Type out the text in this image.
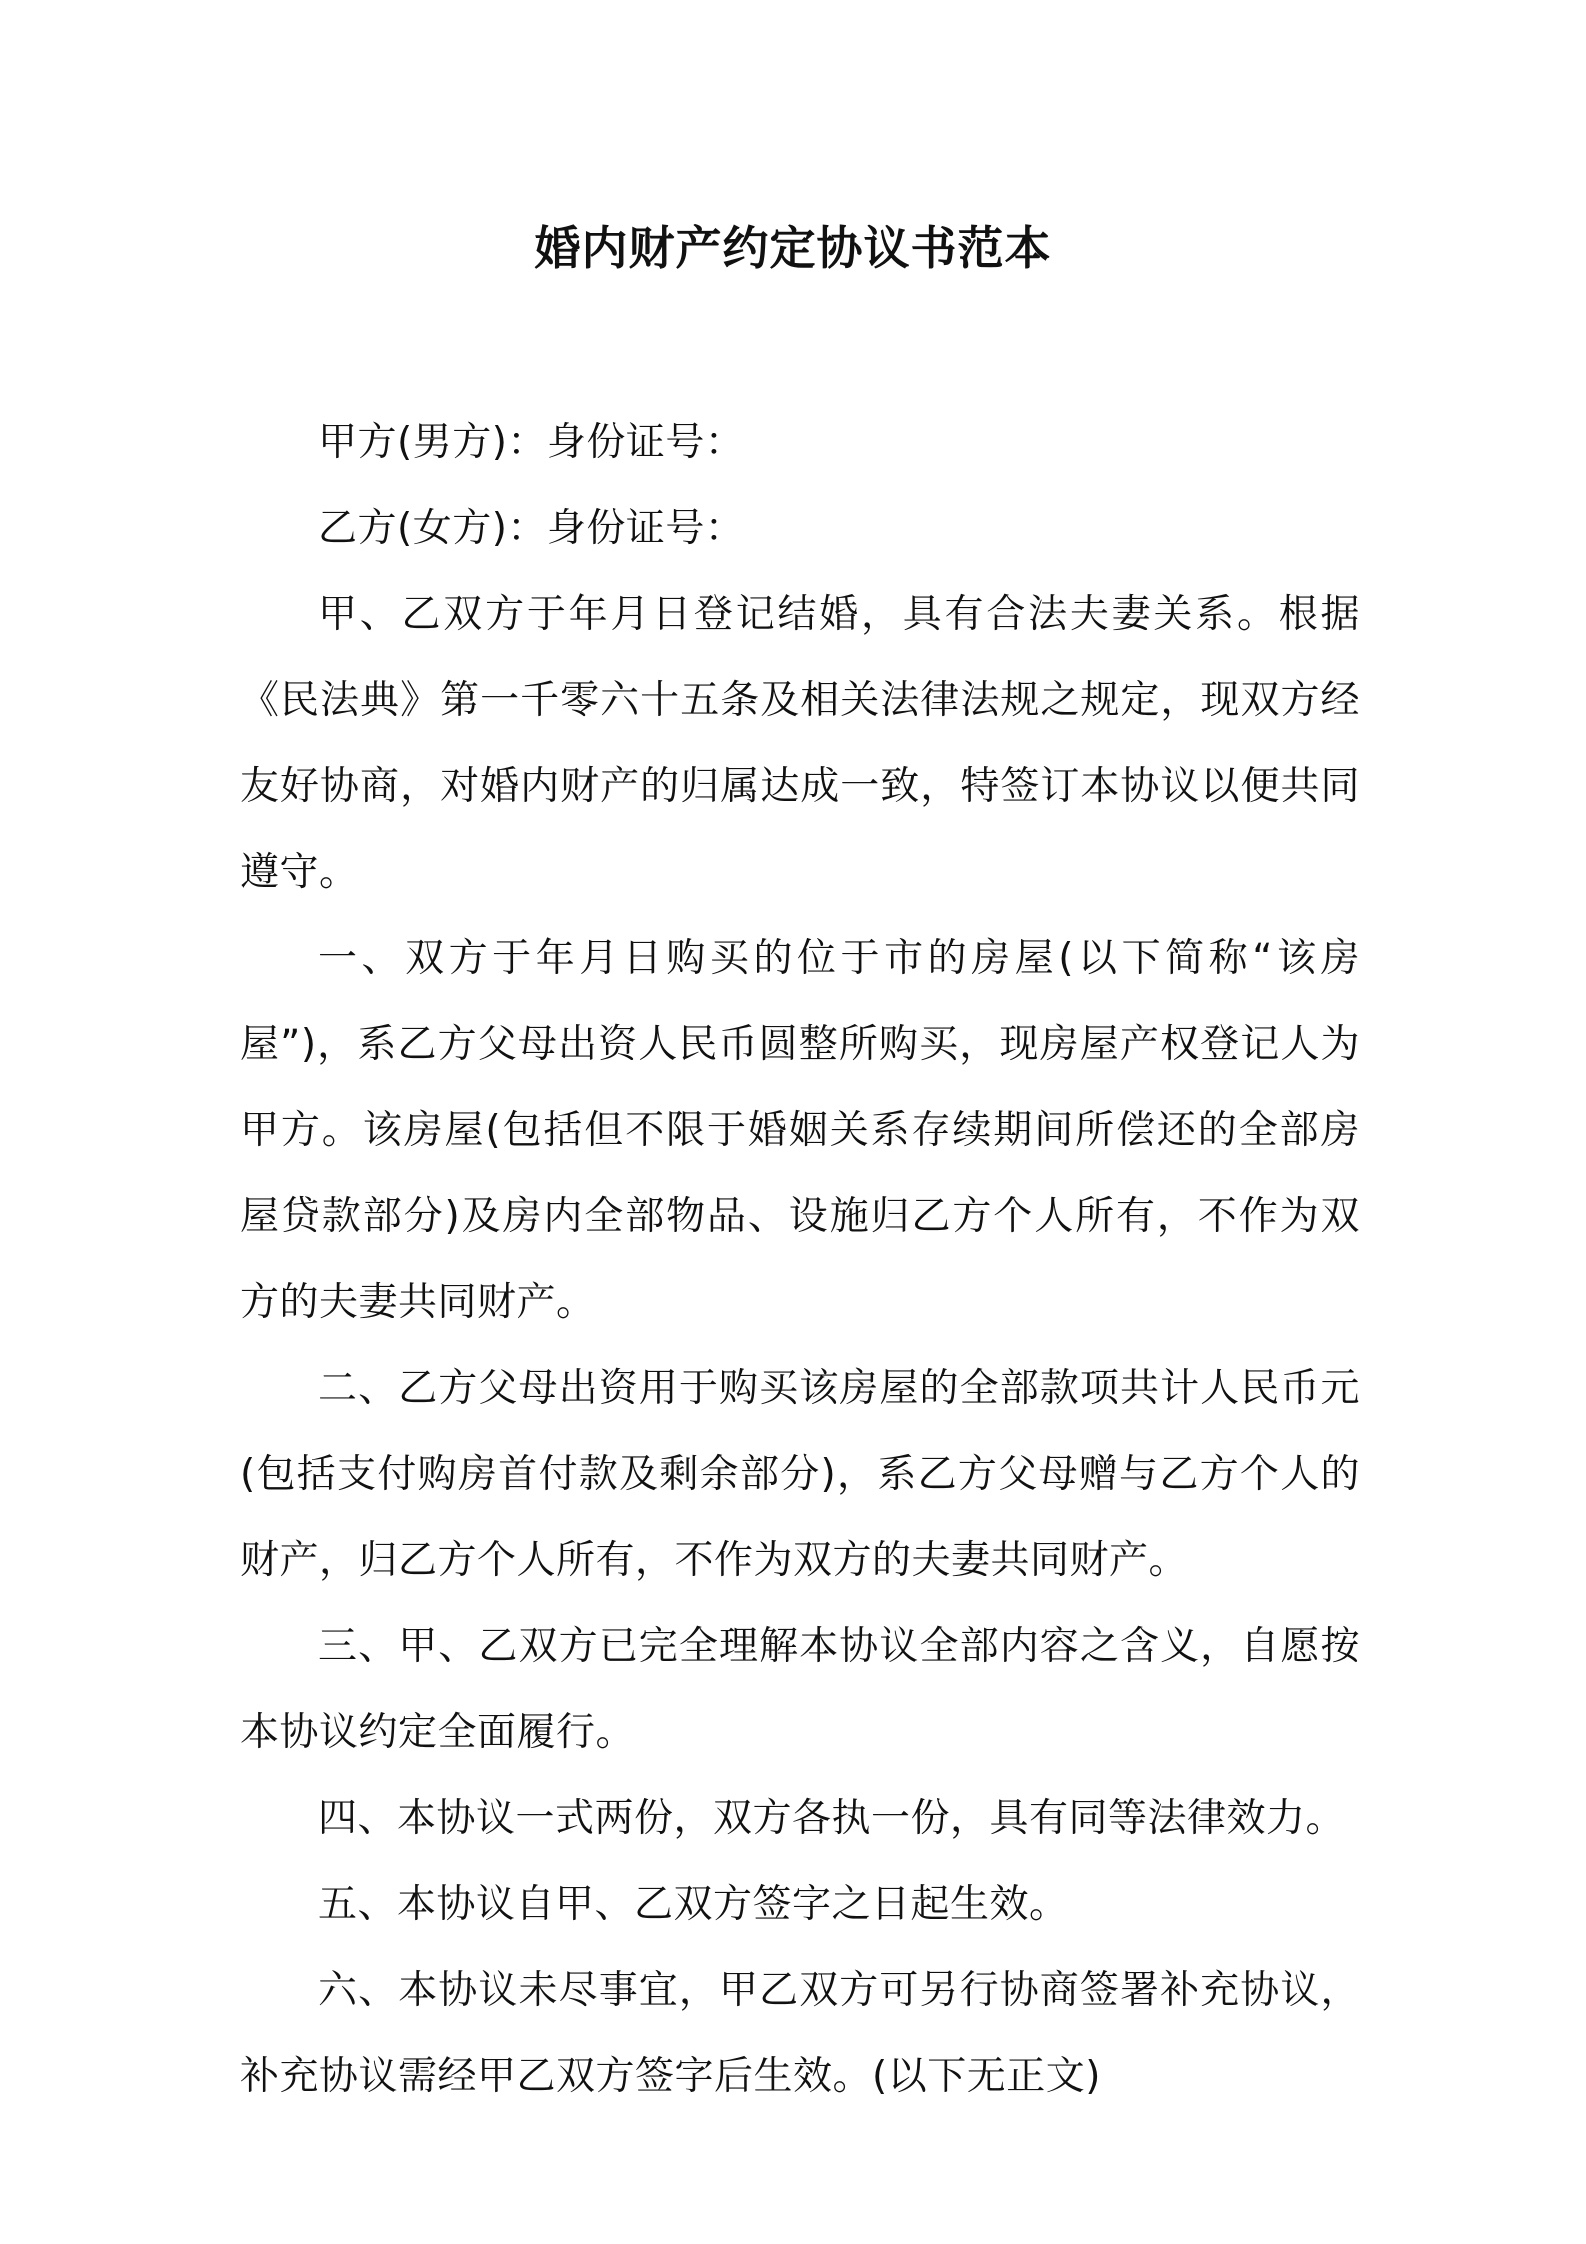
婚内财产约定协议书范本

甲方(男方)：身份证号：

乙方(女方)：身份证号：

甲、乙双方于年月日登记结婚，具有合法夫妻关系。根据《民法典》第一千零六十五条及相关法律法规之规定，现双方经友好协商，对婚内财产的归属达成一致，特签订本协议以便共同遵守。

一、双方于年月日购买的位于市的房屋(以下简称“该房屋”)，系乙方父母出资人民币圆整所购买，现房屋产权登记人为甲方。该房屋(包括但不限于婚姻关系存续期间所偿还的全部房屋贷款部分)及房内全部物品、设施归乙方个人所有，不作为双方的夫妻共同财产。

二、乙方父母出资用于购买该房屋的全部款项共计人民币元(包括支付购房首付款及剩余部分)，系乙方父母赠与乙方个人的财产，归乙方个人所有，不作为双方的夫妻共同财产。

三、甲、乙双方已完全理解本协议全部内容之含义，自愿按本协议约定全面履行。

四、本协议一式两份，双方各执一份，具有同等法律效力。

五、本协议自甲、乙双方签字之日起生效。

六、本协议未尽事宜，甲乙双方可另行协商签署补充协议，补充协议需经甲乙双方签字后生效。(以下无正文)
